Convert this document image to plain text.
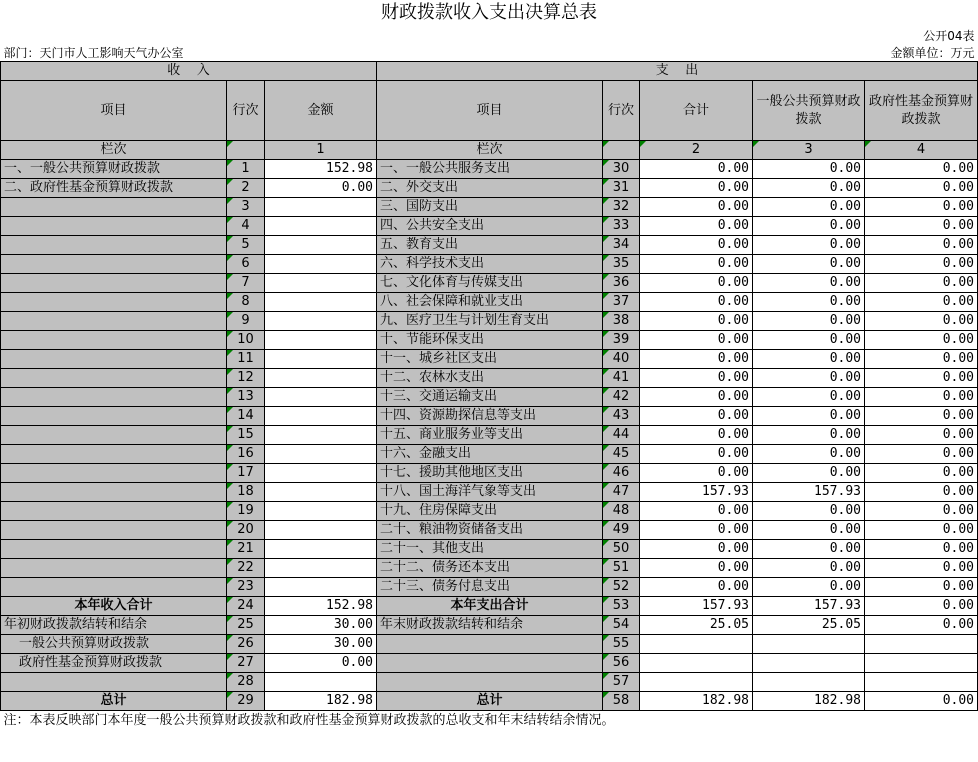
财政拨款收入支出决算总表							
							公开04表
部门：天门市人工影响天气办公室				金额单位：万元			
收    入			支    出				
项目	行次	金额	项目	行次	合计	一般公共预算财政拨款	政府性基金预算财政拨款
栏次		1	栏次		2	3	4
一、一般公共预算财政拨款	1	152.98	一、一般公共服务支出	30	0.00	0.00	0.00
二、政府性基金预算财政拨款	2	0.00	二、外交支出	31	0.00	0.00	0.00
	3		三、国防支出	32	0.00	0.00	0.00
	4		四、公共安全支出	33	0.00	0.00	0.00
	5		五、教育支出	34	0.00	0.00	0.00
	6		六、科学技术支出	35	0.00	0.00	0.00
	7		七、文化体育与传媒支出	36	0.00	0.00	0.00
	8		八、社会保障和就业支出	37	0.00	0.00	0.00
	9		九、医疗卫生与计划生育支出	38	0.00	0.00	0.00
	10		十、节能环保支出	39	0.00	0.00	0.00
	11		十一、城乡社区支出	40	0.00	0.00	0.00
	12		十二、农林水支出	41	0.00	0.00	0.00
	13		十三、交通运输支出	42	0.00	0.00	0.00
	14		十四、资源勘探信息等支出	43	0.00	0.00	0.00
	15		十五、商业服务业等支出	44	0.00	0.00	0.00
	16		十六、金融支出	45	0.00	0.00	0.00
	17		十七、援助其他地区支出	46	0.00	0.00	0.00
	18		十八、国土海洋气象等支出	47	157.93	157.93	0.00
	19		十九、住房保障支出	48	0.00	0.00	0.00
	20		二十、粮油物资储备支出	49	0.00	0.00	0.00
	21		二十一、其他支出	50	0.00	0.00	0.00
	22		二十二、债务还本支出	51	0.00	0.00	0.00
	23		二十三、债务付息支出	52	0.00	0.00	0.00
本年收入合计	24	152.98	本年支出合计	53	157.93	157.93	0.00
年初财政拨款结转和结余	25	30.00	年末财政拨款结转和结余	54	25.05	25.05	0.00
一般公共预算财政拨款	26	30.00		55			
政府性基金预算财政拨款	27	0.00		56			
	28			57			
总计	29	182.98	总计	58	182.98	182.98	0.00
注：本表反映部门本年度一般公共预算财政拨款和政府性基金预算财政拨款的总收支和年末结转结余情况。							
